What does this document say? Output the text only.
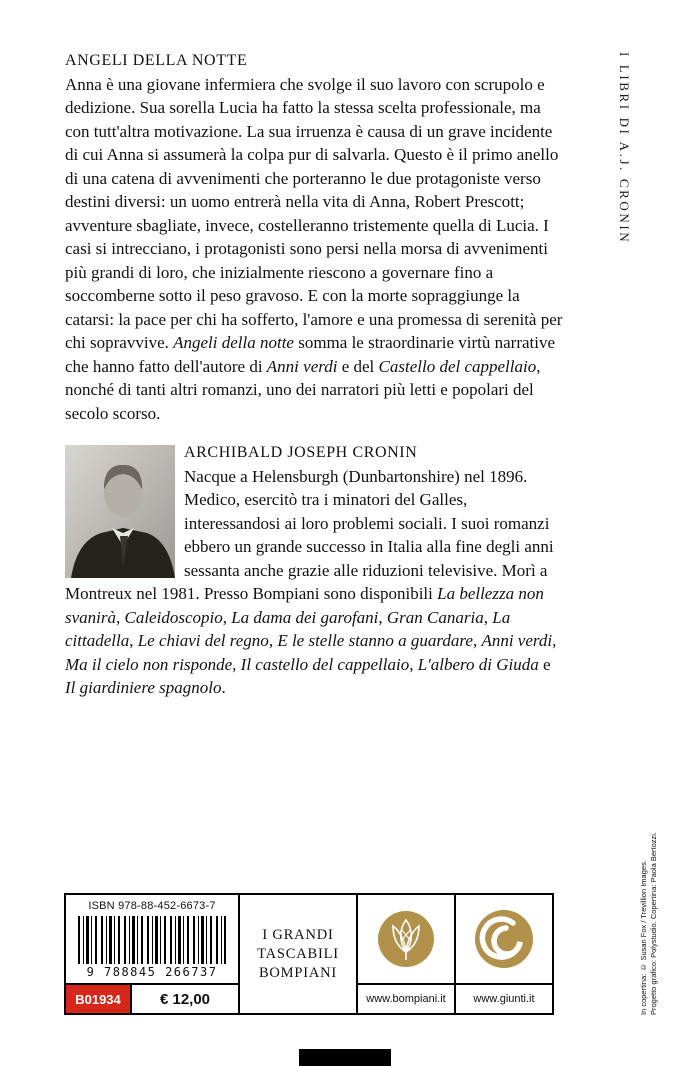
ANGELI DELLA NOTTE

Anna è una giovane infermiera che svolge il suo lavoro con scrupolo e dedizione. Sua sorella Lucia ha fatto la stessa scelta professionale, ma con tutt'altra motivazione. La sua irruenza è causa di un grave incidente di cui Anna si assumerà la colpa pur di salvarla. Questo è il primo anello di una catena di avvenimenti che porteranno le due protagoniste verso destini diversi: un uomo entrerà nella vita di Anna, Robert Prescott; avventure sbagliate, invece, costelleranno tristemente quella di Lucia. I casi si intrecciano, i protagonisti sono persi nella morsa di avvenimenti più grandi di loro, che inizialmente riescono a governare fino a soccomberne sotto il peso gravoso. E con la morte sopraggiunge la catarsi: la pace per chi ha sofferto, l'amore e una promessa di serenità per chi sopravvive. Angeli della notte somma le straordinarie virtù narrative che hanno fatto dell'autore di Anni verdi e del Castello del cappellaio, nonché di tanti altri romanzi, uno dei narratori più letti e popolari del secolo scorso.

ARCHIBALD JOSEPH CRONIN

Nacque a Helensburgh (Dunbartonshire) nel 1896. Medico, esercitò tra i minatori del Galles, interessandosi ai loro problemi sociali. I suoi romanzi ebbero un grande successo in Italia alla fine degli anni sessanta anche grazie alle riduzioni televisive. Morì a Montreux nel 1981. Presso Bompiani sono disponibili La bellezza non svanirà, Caleidoscopio, La dama dei garofani, Gran Canaria, La cittadella, Le chiavi del regno, E le stelle stanno a guardare, Anni verdi, Ma il cielo non risponde, Il castello del cappellaio, L'albero di Giuda e Il giardiniere spagnolo.

I LIBRI DI A.J. CRONIN
In copertina: © Susan Fox / Trevillion Images. Progetto grafico: Polystudio. Copertina: Paola Bertozzi.
ISBN 978-88-452-6673-7
9 788845 266737
B01934	€ 12,00
I GRANDI
TASCABILI
BOMPIANI
www.bompiani.it	www.giunti.it
